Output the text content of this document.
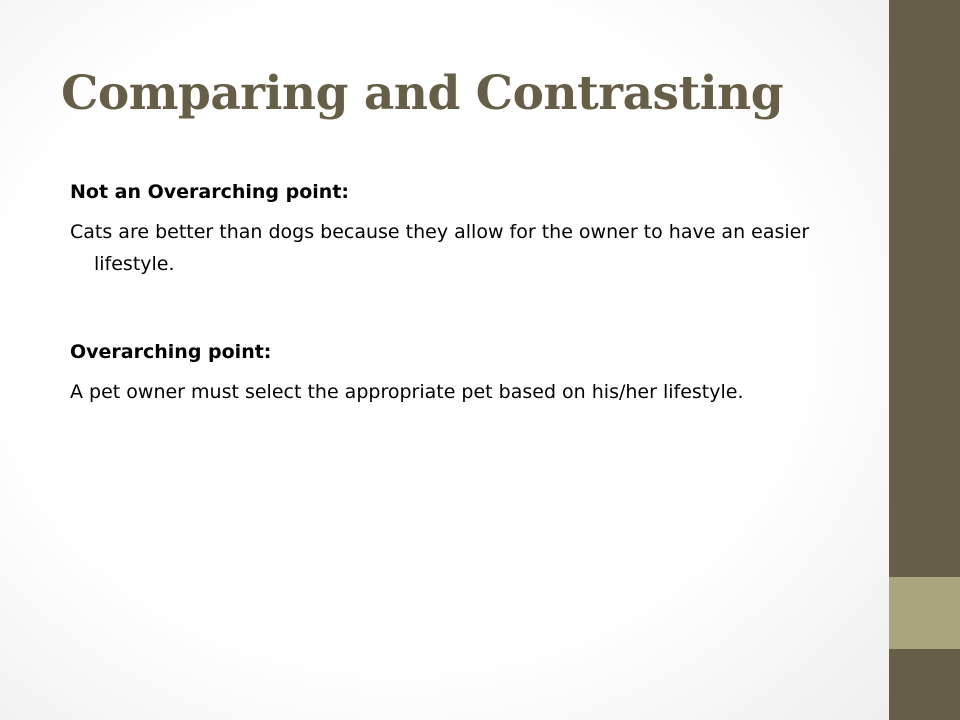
Comparing and Contrasting
Not an Overarching point:
Cats are better than dogs because they allow for the owner to have an easier lifestyle.
Overarching point:
A pet owner must select the appropriate pet based on his/her lifestyle.
